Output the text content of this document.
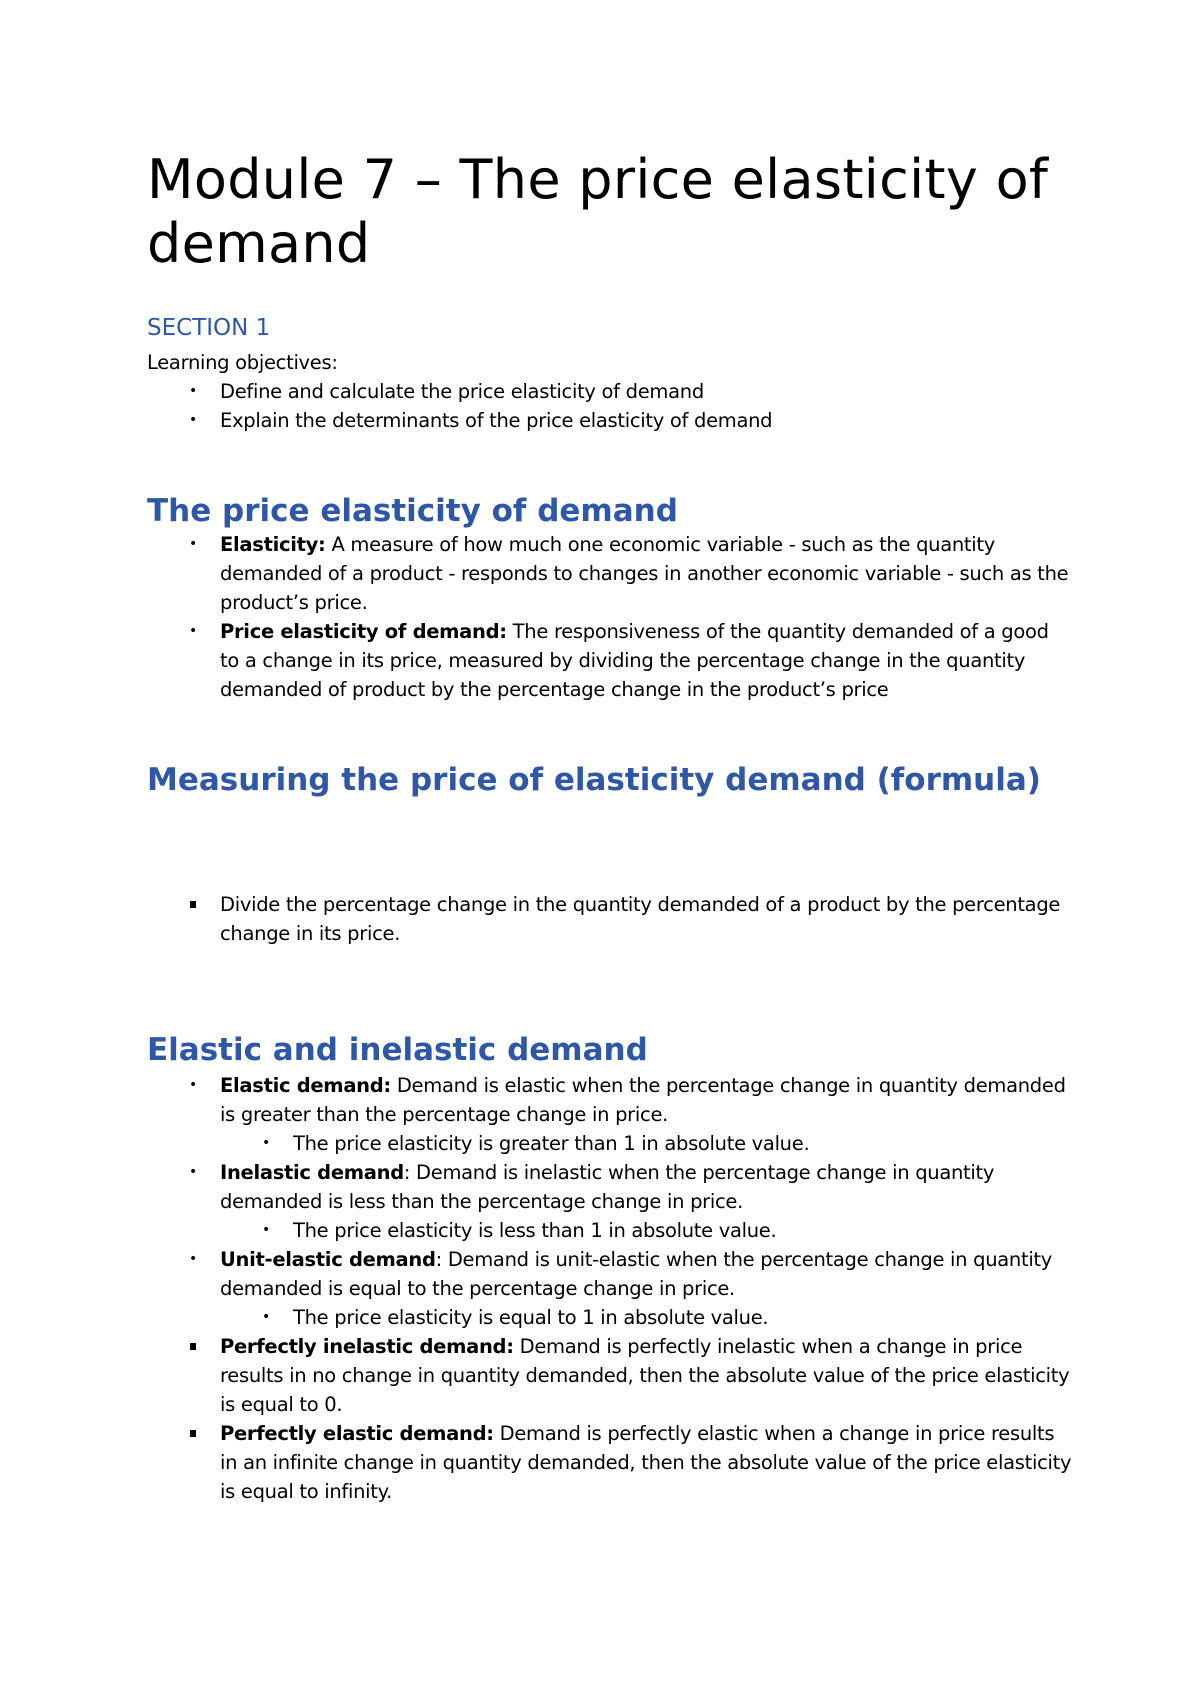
Module 7 – The price elasticity of demand
SECTION 1
Learning objectives:
• Define and calculate the price elasticity of demand
• Explain the determinants of the price elasticity of demand
The price elasticity of demand
• Elasticity: A measure of how much one economic variable - such as the quantity demanded of a product - responds to changes in another economic variable - such as the product’s price.
• Price elasticity of demand: The responsiveness of the quantity demanded of a good to a change in its price, measured by dividing the percentage change in the quantity demanded of product by the percentage change in the product’s price
Measuring the price of elasticity demand (formula)
Divide the percentage change in the quantity demanded of a product by the percentage change in its price.
Elastic and inelastic demand
• Elastic demand: Demand is elastic when the percentage change in quantity demanded is greater than the percentage change in price.
• The price elasticity is greater than 1 in absolute value.
• Inelastic demand: Demand is inelastic when the percentage change in quantity demanded is less than the percentage change in price.
• The price elasticity is less than 1 in absolute value.
• Unit-elastic demand: Demand is unit-elastic when the percentage change in quantity demanded is equal to the percentage change in price.
• The price elasticity is equal to 1 in absolute value.
Perfectly inelastic demand: Demand is perfectly inelastic when a change in price results in no change in quantity demanded, then the absolute value of the price elasticity is equal to 0.
Perfectly elastic demand: Demand is perfectly elastic when a change in price results in an infinite change in quantity demanded, then the absolute value of the price elasticity is equal to infinity.
